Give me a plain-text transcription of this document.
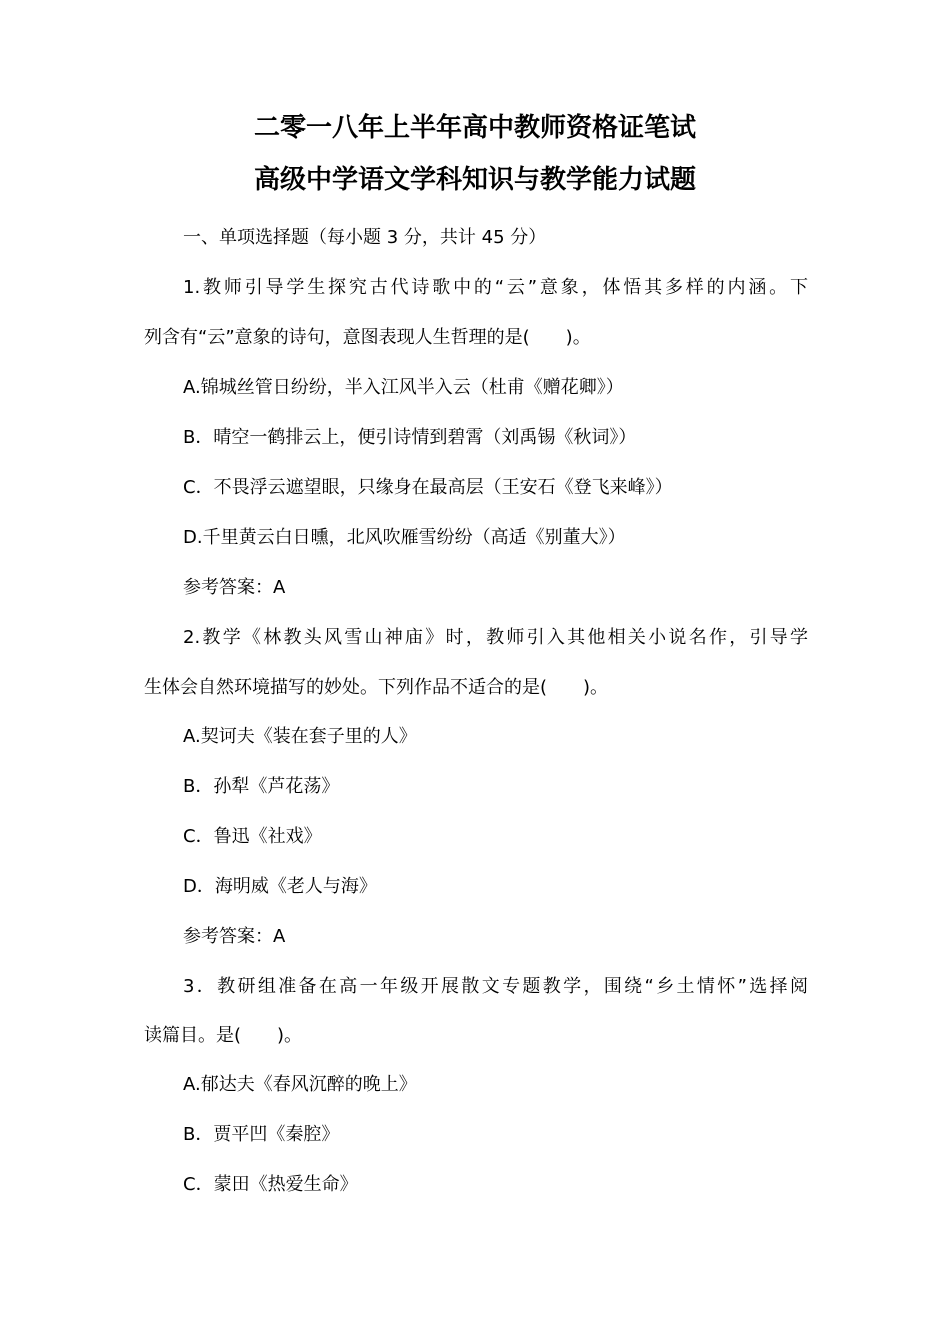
二零一八年上半年高中教师资格证笔试
高级中学语文学科知识与教学能力试题
一、单项选择题（每小题 3 分，共计 45 分）
1.教师引导学生探究古代诗歌中的“云”意象，体悟其多样的内涵。下
列含有“云”意象的诗句，意图表现人生哲理的是(　　)。
A.锦城丝管日纷纷，半入江风半入云（杜甫《赠花卿》）
B．晴空一鹤排云上，便引诗情到碧霄（刘禹锡《秋词》）
C．不畏浮云遮望眼，只缘身在最高层（王安石《登飞来峰》）
D.千里黄云白日曛，北风吹雁雪纷纷（高适《别董大》）
参考答案：A
2.教学《林教头风雪山神庙》时，教师引入其他相关小说名作，引导学
生体会自然环境描写的妙处。下列作品不适合的是(　　)。
A.契诃夫《装在套子里的人》
B．孙犁《芦花荡》
C．鲁迅《社戏》
D．海明威《老人与海》
参考答案：A
3．教研组准备在高一年级开展散文专题教学，围绕“乡土情怀”选择阅
读篇目。是(　　)。
A.郁达夫《春风沉醉的晚上》
B．贾平凹《秦腔》
C．蒙田《热爱生命》
